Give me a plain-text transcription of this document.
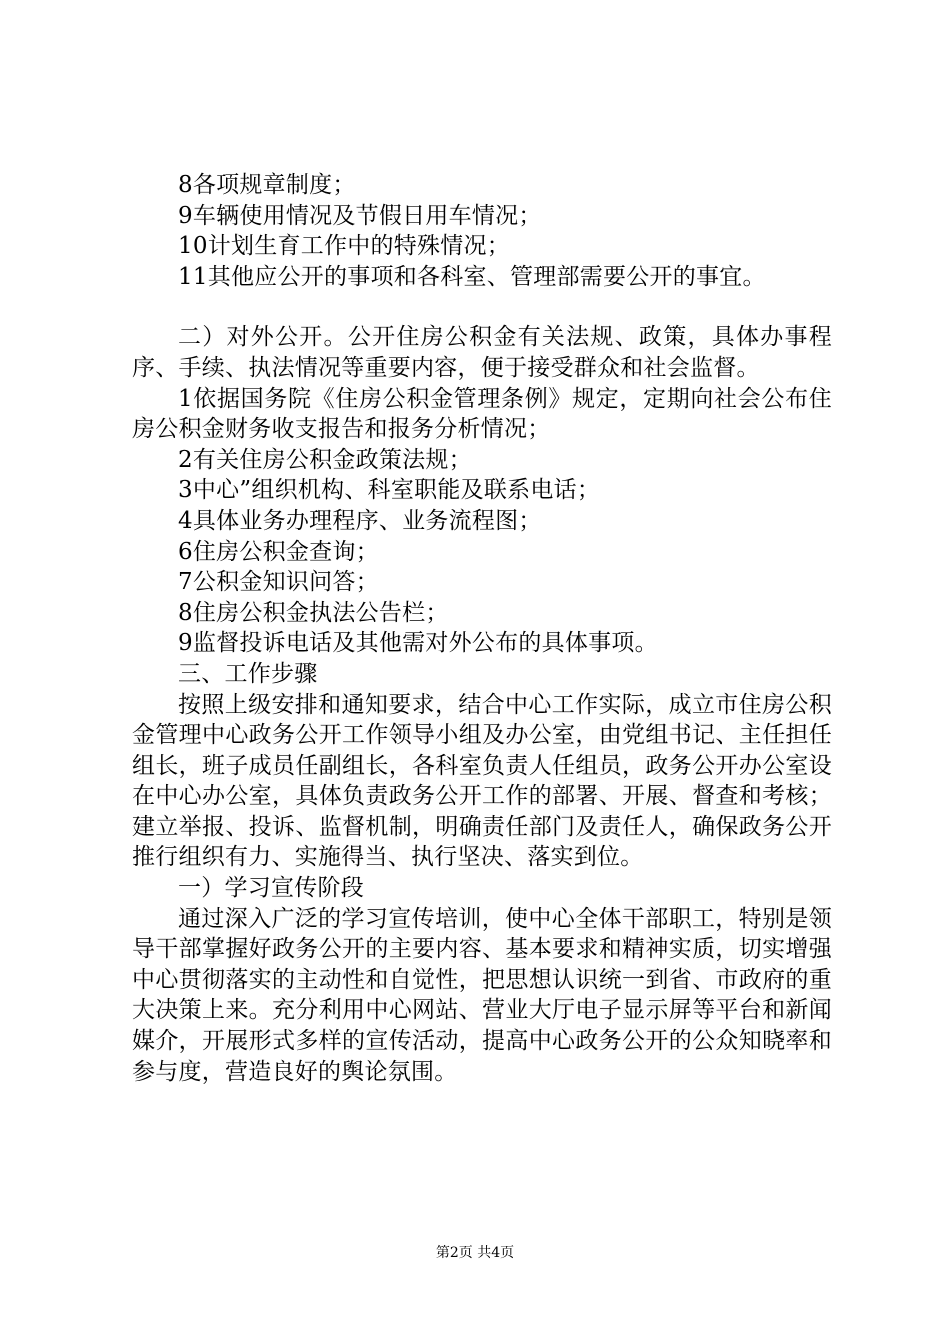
8各项规章制度；

9车辆使用情况及节假日用车情况；

10计划生育工作中的特殊情况；

11其他应公开的事项和各科室、管理部需要公开的事宜。

二）对外公开。公开住房公积金有关法规、政策，具体办事程序、手续、执法情况等重要内容，便于接受群众和社会监督。

1依据国务院《住房公积金管理条例》规定，定期向社会公布住房公积金财务收支报告和报务分析情况；

2有关住房公积金政策法规；

3中心”组织机构、科室职能及联系电话；

4具体业务办理程序、业务流程图；

6住房公积金查询；

7公积金知识问答；

8住房公积金执法公告栏；

9监督投诉电话及其他需对外公布的具体事项。

三、工作步骤

按照上级安排和通知要求，结合中心工作实际，成立市住房公积金管理中心政务公开工作领导小组及办公室，由党组书记、主任担任组长，班子成员任副组长，各科室负责人任组员，政务公开办公室设在中心办公室，具体负责政务公开工作的部署、开展、督查和考核；建立举报、投诉、监督机制，明确责任部门及责任人，确保政务公开推行组织有力、实施得当、执行坚决、落实到位。

一）学习宣传阶段

通过深入广泛的学习宣传培训，使中心全体干部职工，特别是领导干部掌握好政务公开的主要内容、基本要求和精神实质，切实增强中心贯彻落实的主动性和自觉性，把思想认识统一到省、市政府的重大决策上来。充分利用中心网站、营业大厅电子显示屏等平台和新闻媒介，开展形式多样的宣传活动，提高中心政务公开的公众知晓率和参与度，营造良好的舆论氛围。

第2页 共4页
